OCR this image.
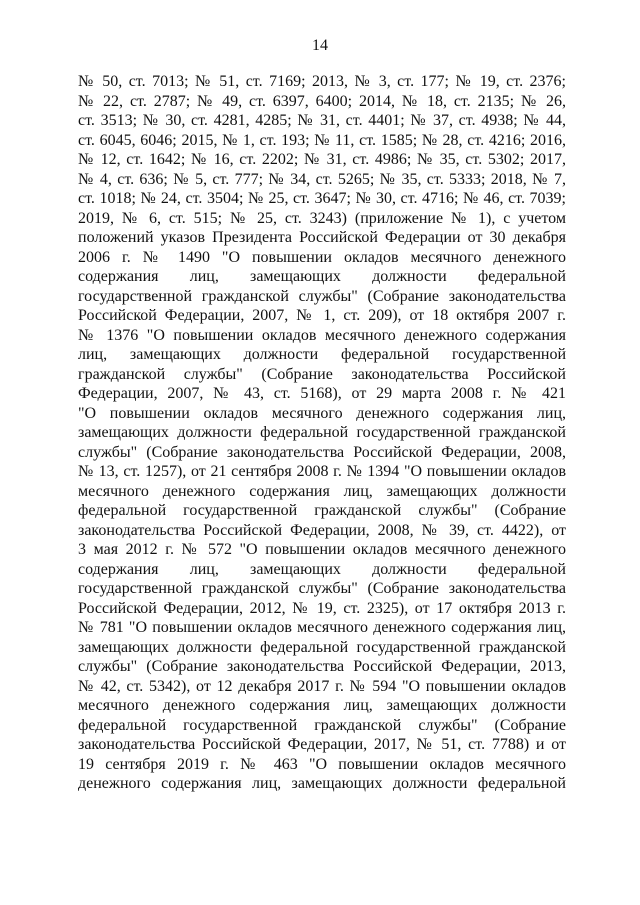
14
№ 50, ст. 7013; № 51, ст. 7169; 2013, № 3, ст. 177; № 19, ст. 2376;
№ 22, ст. 2787; № 49, ст. 6397, 6400; 2014, № 18, ст. 2135; № 26,
ст. 3513; № 30, ст. 4281, 4285; № 31, ст. 4401; № 37, ст. 4938; № 44,
ст. 6045, 6046; 2015, № 1, ст. 193; № 11, ст. 1585; № 28, ст. 4216; 2016,
№ 12, ст. 1642; № 16, ст. 2202; № 31, ст. 4986; № 35, ст. 5302; 2017,
№ 4, ст. 636; № 5, ст. 777; № 34, ст. 5265; № 35, ст. 5333; 2018, № 7,
ст. 1018; № 24, ст. 3504; № 25, ст. 3647; № 30, ст. 4716; № 46, ст. 7039;
2019, № 6, ст. 515; № 25, ст. 3243) (приложение № 1), с учетом
положений указов Президента Российской Федерации от 30 декабря
2006 г. № 1490 "О повышении окладов месячного денежного
содержания лиц, замещающих должности федеральной
государственной гражданской службы" (Собрание законодательства
Российской Федерации, 2007, № 1, ст. 209), от 18 октября 2007 г.
№ 1376 "О повышении окладов месячного денежного содержания
лиц, замещающих должности федеральной государственной
гражданской службы" (Собрание законодательства Российской
Федерации, 2007, № 43, ст. 5168), от 29 марта 2008 г. № 421
"О повышении окладов месячного денежного содержания лиц,
замещающих должности федеральной государственной гражданской
службы" (Собрание законодательства Российской Федерации, 2008,
№ 13, ст. 1257), от 21 сентября 2008 г. № 1394 "О повышении окладов
месячного денежного содержания лиц, замещающих должности
федеральной государственной гражданской службы" (Собрание
законодательства Российской Федерации, 2008, № 39, ст. 4422), от
3 мая 2012 г. № 572 "О повышении окладов месячного денежного
содержания лиц, замещающих должности федеральной
государственной гражданской службы" (Собрание законодательства
Российской Федерации, 2012, № 19, ст. 2325), от 17 октября 2013 г.
№ 781 "О повышении окладов месячного денежного содержания лиц,
замещающих должности федеральной государственной гражданской
службы" (Собрание законодательства Российской Федерации, 2013,
№ 42, ст. 5342), от 12 декабря 2017 г. № 594 "О повышении окладов
месячного денежного содержания лиц, замещающих должности
федеральной государственной гражданской службы" (Собрание
законодательства Российской Федерации, 2017, № 51, ст. 7788) и от
19 сентября 2019 г. № 463 "О повышении окладов месячного
денежного содержания лиц, замещающих должности федеральной
